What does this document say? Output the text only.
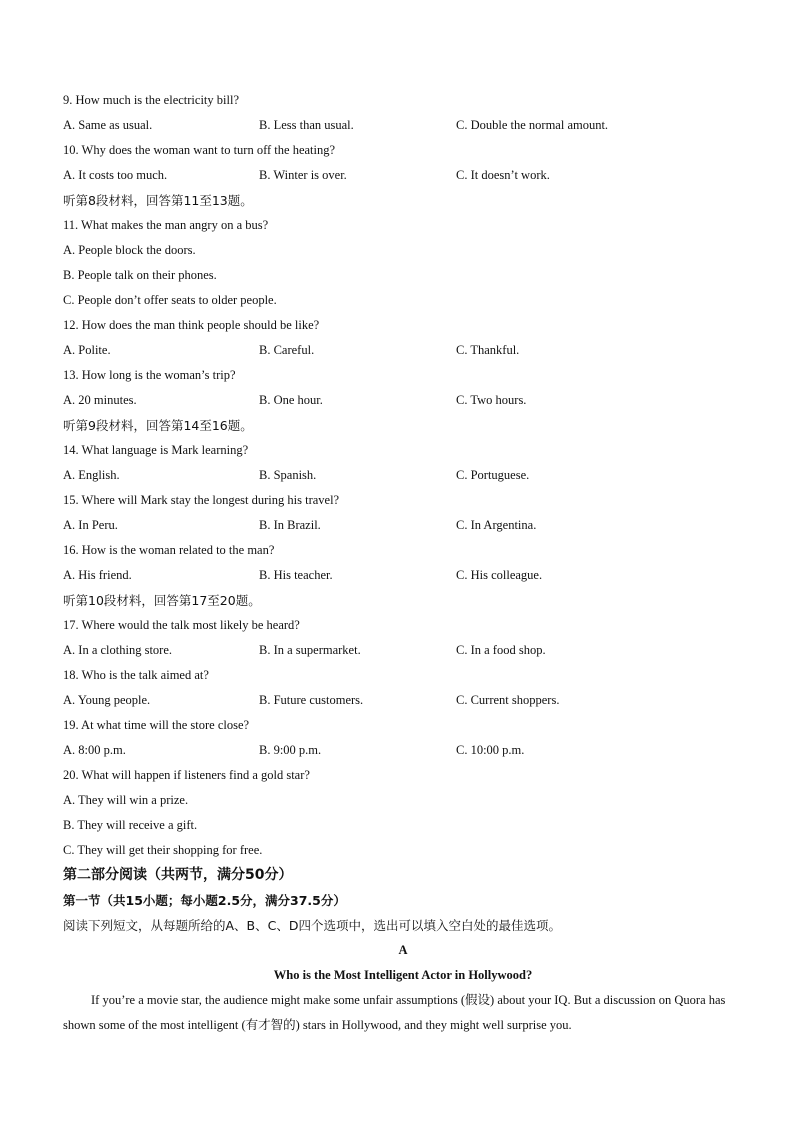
9. How much is the electricity bill?
A. Same as usual.	B. Less than usual.	C. Double the normal amount.
10. Why does the woman want to turn off the heating?
A. It costs too much.	B. Winter is over.	C. It doesn’t work.
听第8段材料，回答第11至13题。
11. What makes the man angry on a bus?
A. People block the doors.
B. People talk on their phones.
C. People don’t offer seats to older people.
12. How does the man think people should be like?
A. Polite.	B. Careful.	C. Thankful.
13. How long is the woman’s trip?
A. 20 minutes.	B. One hour.	C. Two hours.
听第9段材料，回答第14至16题。
14. What language is Mark learning?
A. English.	B. Spanish.	C. Portuguese.
15. Where will Mark stay the longest during his travel?
A. In Peru.	B. In Brazil.	C. In Argentina.
16. How is the woman related to the man?
A. His friend.	B. His teacher.	C. His colleague.
听第10段材料，回答第17至20题。
17. Where would the talk most likely be heard?
A. In a clothing store.	B. In a supermarket.	C. In a food shop.
18. Who is the talk aimed at?
A. Young people.	B. Future customers.	C. Current shoppers.
19. At what time will the store close?
A. 8:00 p.m.	B. 9:00 p.m.	C. 10:00 p.m.
20. What will happen if listeners find a gold star?
A. They will win a prize.
B. They will receive a gift.
C. They will get their shopping for free.
第二部分阅读（共两节，满分50分）
第一节（共15小题；每小题2.5分，满分37.5分）
阅读下列短文，从每题所给的A、B、C、D四个选项中，选出可以填入空白处的最佳选项。
A
Who is the Most Intelligent Actor in Hollywood?
If you’re a movie star, the audience might make some unfair assumptions (假设) about your IQ. But a discussion on Quora has shown some of the most intelligent (有才智的) stars in Hollywood, and they might well surprise you.
